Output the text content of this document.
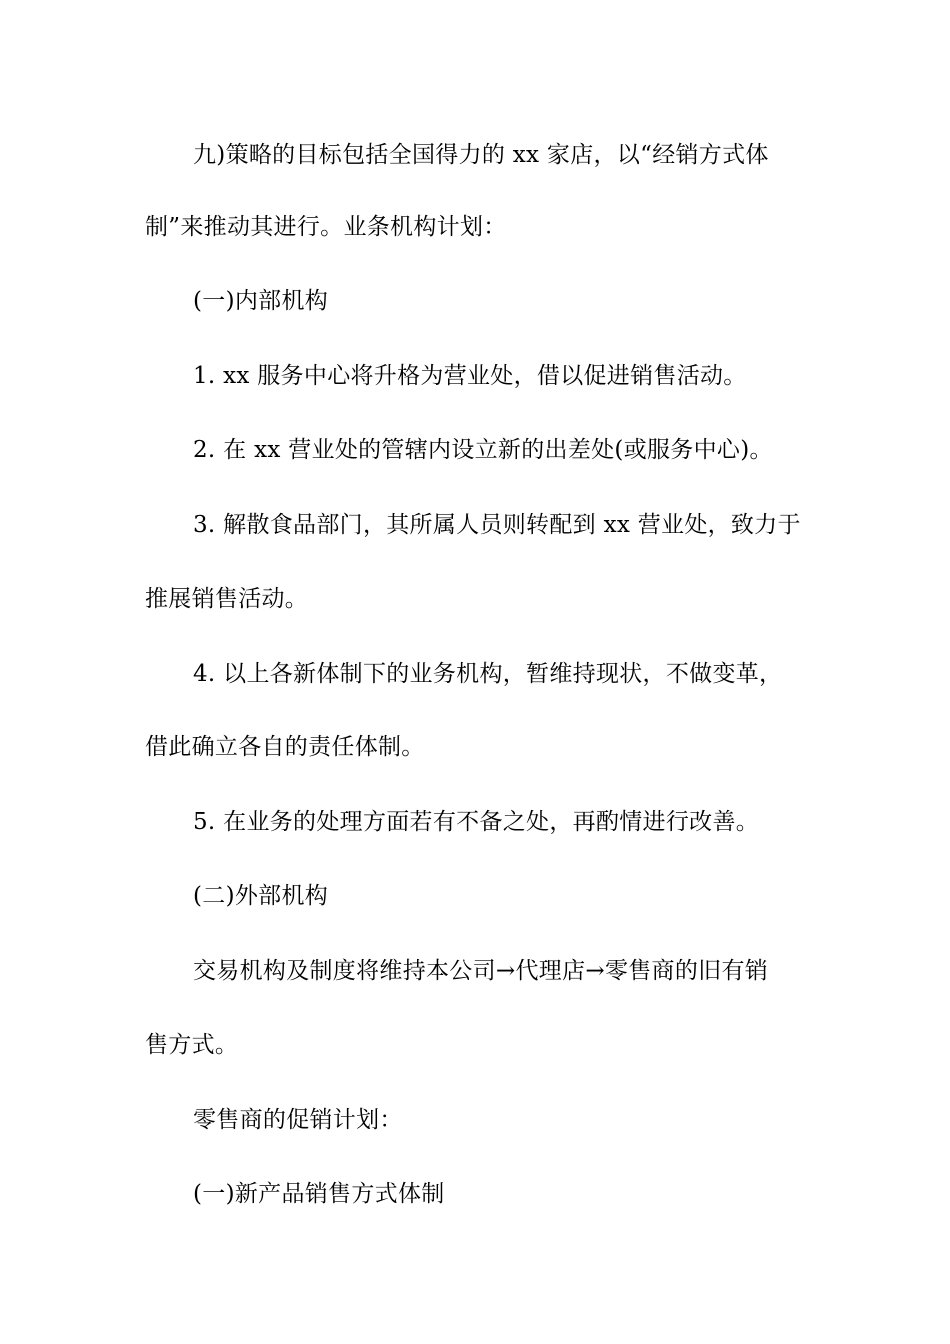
九)策略的目标包括全国得力的 xx 家店，以“经销方式体
制”来推动其进行。业条机构计划：
(一)内部机构
1. xx 服务中心将升格为营业处，借以促进销售活动。
2. 在 xx 营业处的管辖内设立新的出差处(或服务中心)。
3. 解散食品部门，其所属人员则转配到 xx 营业处，致力于
推展销售活动。
4. 以上各新体制下的业务机构，暂维持现状，不做变革，
借此确立各自的责任体制。
5. 在业务的处理方面若有不备之处，再酌情进行改善。
(二)外部机构
交易机构及制度将维持本公司→代理店→零售商的旧有销
售方式。
零售商的促销计划：
(一)新产品销售方式体制
